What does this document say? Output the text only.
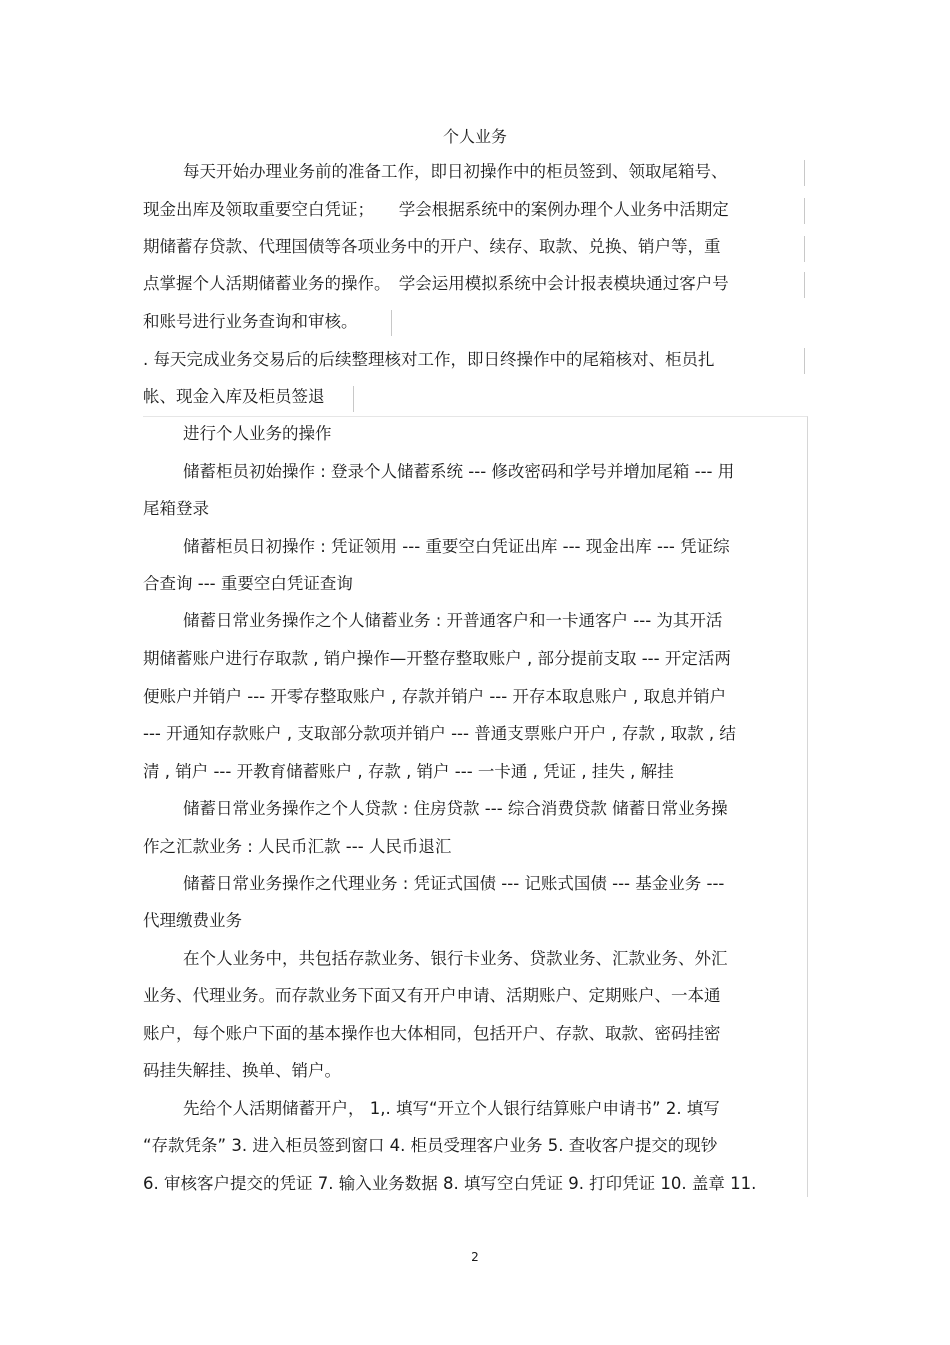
个人业务
每天开始办理业务前的准备工作，即日初操作中的柜员签到、领取尾箱号、
现金出库及领取重要空白凭证；　　学会根据系统中的案例办理个人业务中活期定
期储蓄存贷款、代理国债等各项业务中的开户、续存、取款、兑换、销户等，重
点掌握个人活期储蓄业务的操作。　学会运用模拟系统中会计报表模块通过客户号
和账号进行业务查询和审核。
. 每天完成业务交易后的后续整理核对工作，即日终操作中的尾箱核对、柜员扎
帐、现金入库及柜员签退
进行个人业务的操作
储蓄柜员初始操作 : 登录个人储蓄系统 --- 修改密码和学号并增加尾箱 --- 用
尾箱登录
储蓄柜员日初操作 : 凭证领用 --- 重要空白凭证出库 --- 现金出库 --- 凭证综
合查询 --- 重要空白凭证查询
储蓄日常业务操作之个人储蓄业务 : 开普通客户和一卡通客户 --- 为其开活
期储蓄账户进行存取款 , 销户操作—开整存整取账户 , 部分提前支取 --- 开定活两
便账户并销户 --- 开零存整取账户 , 存款并销户 --- 开存本取息账户 , 取息并销户
--- 开通知存款账户 , 支取部分款项并销户 --- 普通支票账户开户 , 存款 , 取款 , 结
清 , 销户 --- 开教育储蓄账户 , 存款 , 销户 --- 一卡通 , 凭证 , 挂失 , 解挂
储蓄日常业务操作之个人贷款 : 住房贷款 --- 综合消费贷款 储蓄日常业务操
作之汇款业务 : 人民币汇款 --- 人民币退汇
储蓄日常业务操作之代理业务 : 凭证式国债 --- 记账式国债 --- 基金业务 ---
代理缴费业务
在个人业务中，共包括存款业务、银行卡业务、贷款业务、汇款业务、外汇
业务、代理业务。而存款业务下面又有开户申请、活期账户、定期账户、一本通
账户，每个账户下面的基本操作也大体相同，包括开户、存款、取款、密码挂密
码挂失解挂、换单、销户。
先给个人活期储蓄开户， 1,. 填写“开立个人银行结算账户申请书” 2. 填写
“存款凭条” 3. 进入柜员签到窗口 4. 柜员受理客户业务 5. 查收客户提交的现钞
6. 审核客户提交的凭证 7. 输入业务数据 8. 填写空白凭证 9. 打印凭证 10. 盖章 11.
2
